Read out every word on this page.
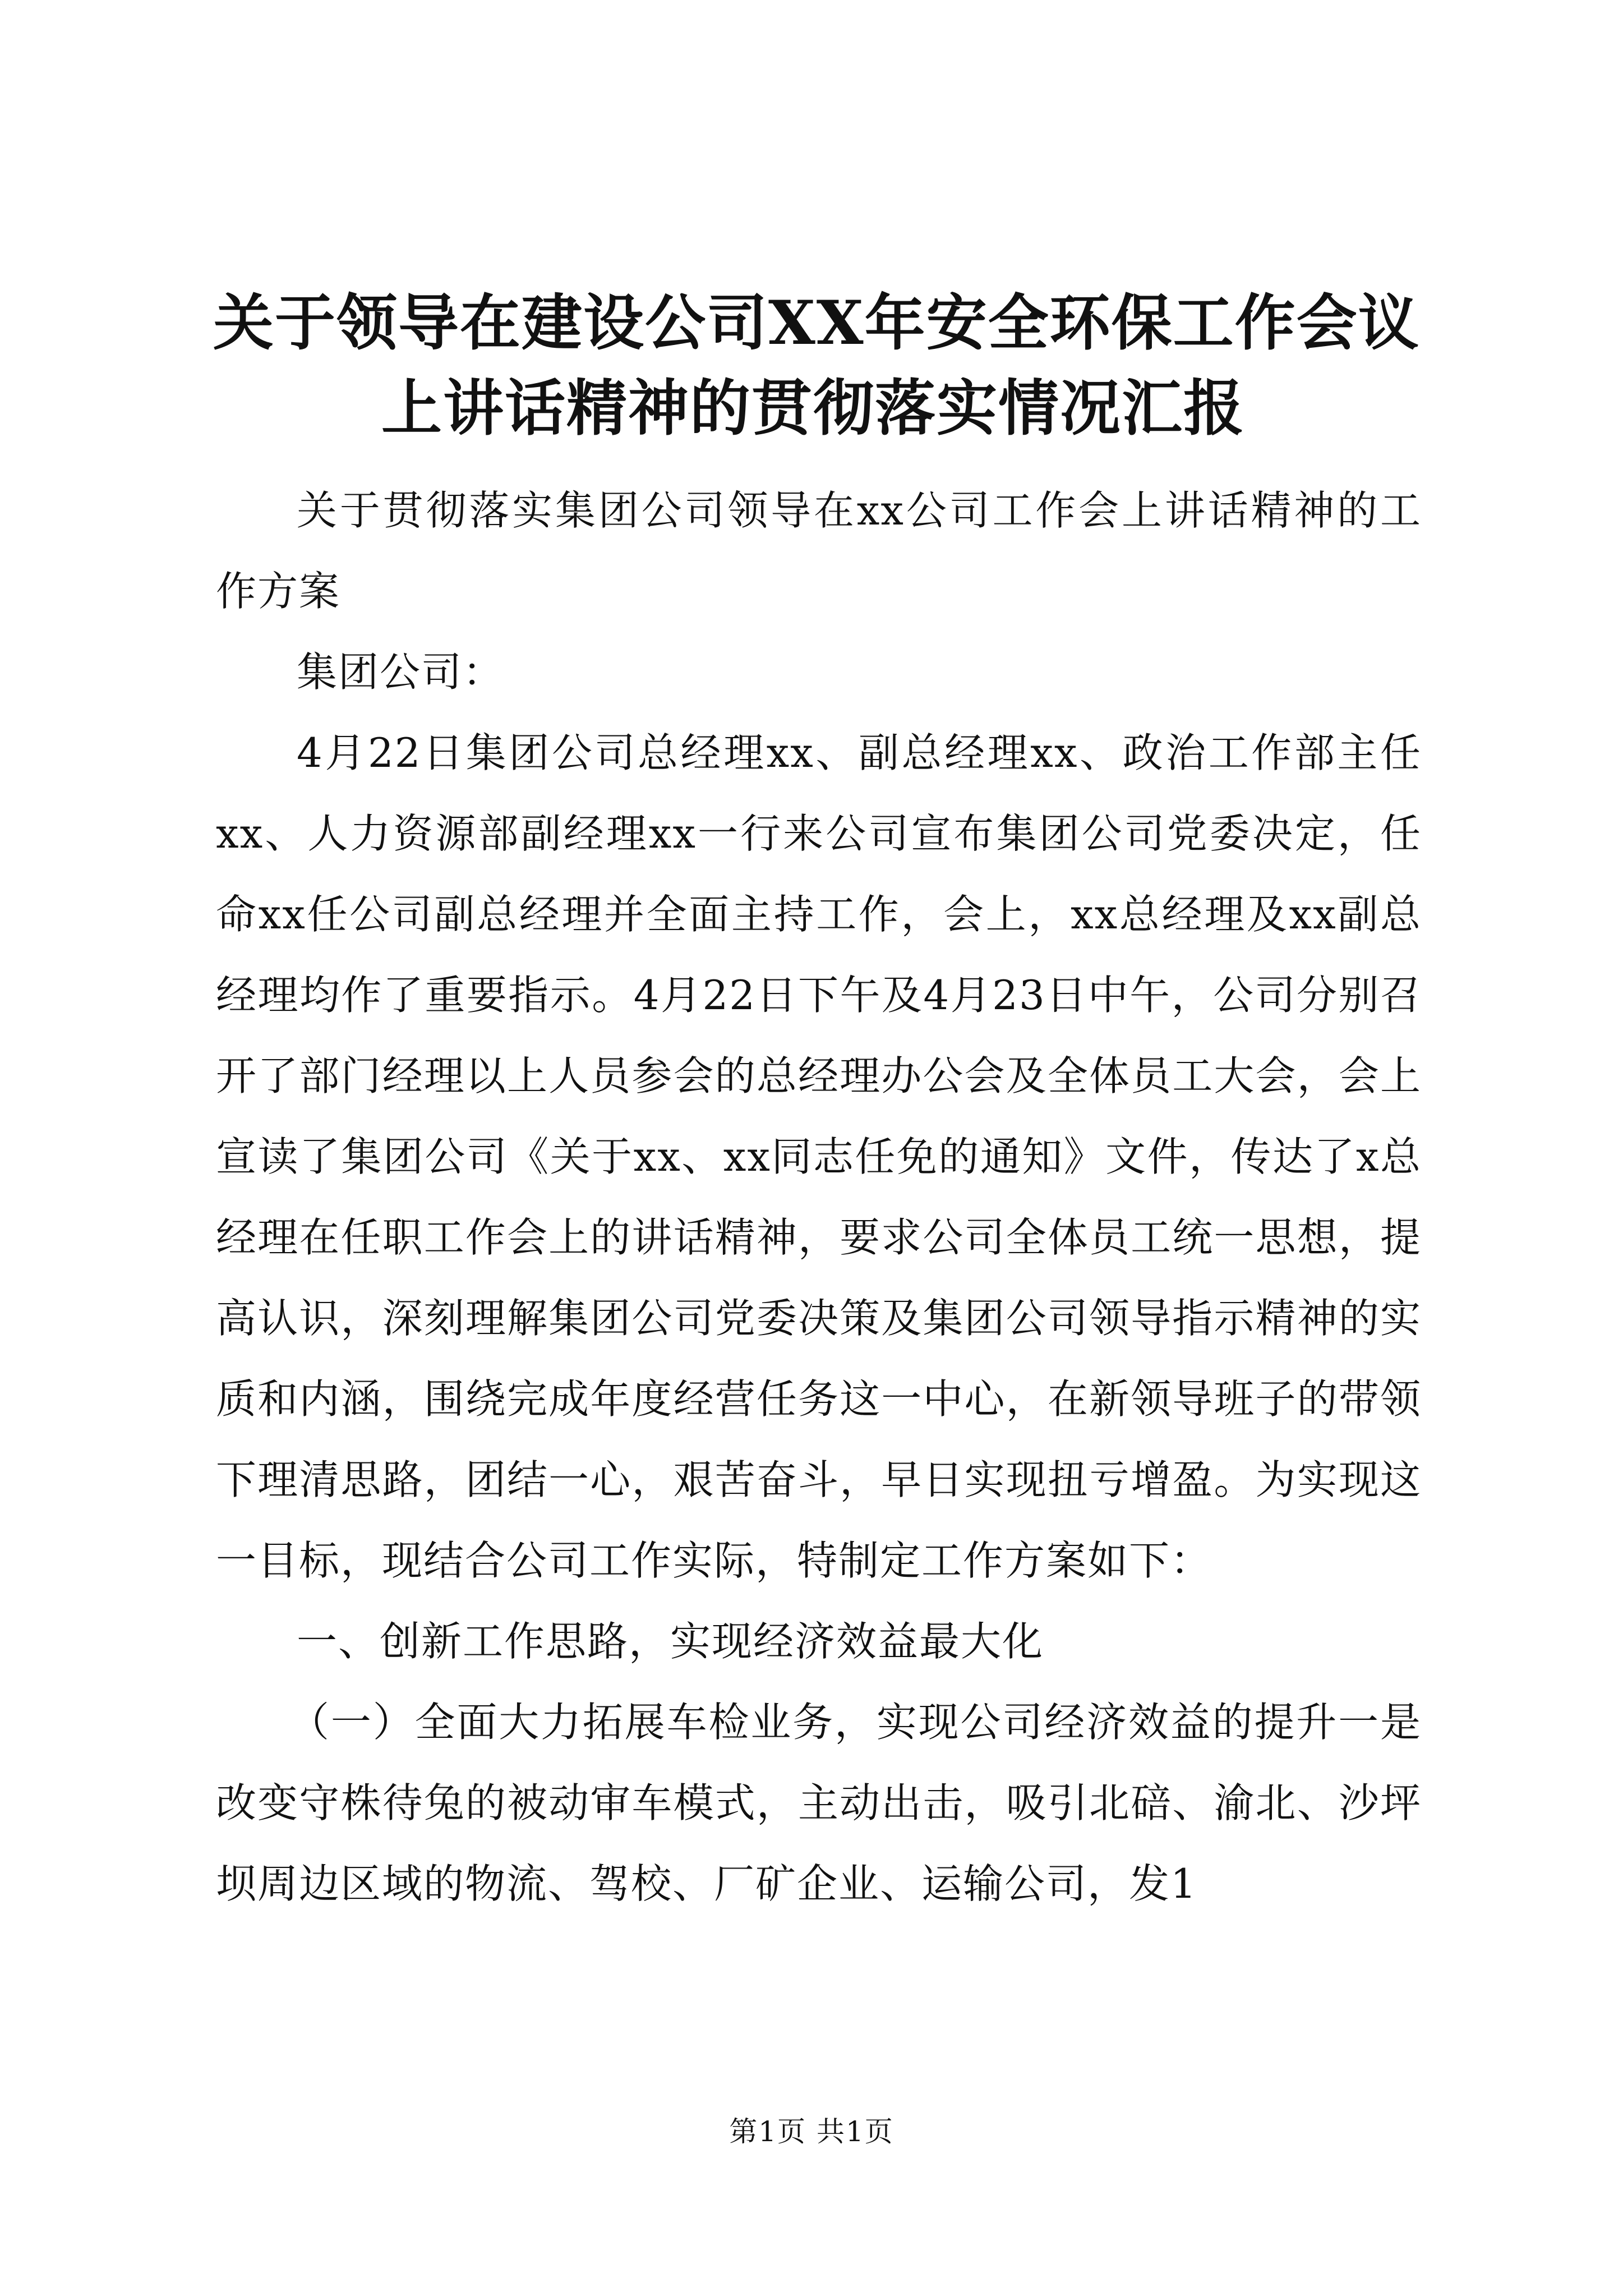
关于领导在建设公司XX年安全环保工作会议
上讲话精神的贯彻落实情况汇报

关于贯彻落实集团公司领导在xx公司工作会上讲话精神的工作方案

集团公司：

4月22日集团公司总经理xx、副总经理xx、政治工作部主任xx、人力资源部副经理xx一行来公司宣布集团公司党委决定，任命xx任公司副总经理并全面主持工作，会上，xx总经理及xx副总经理均作了重要指示。4月22日下午及4月23日中午，公司分别召开了部门经理以上人员参会的总经理办公会及全体员工大会，会上宣读了集团公司《关于xx、xx同志任免的通知》文件，传达了x总经理在任职工作会上的讲话精神，要求公司全体员工统一思想，提高认识，深刻理解集团公司党委决策及集团公司领导指示精神的实质和内涵，围绕完成年度经营任务这一中心，在新领导班子的带领下理清思路，团结一心，艰苦奋斗，早日实现扭亏增盈。为实现这一目标，现结合公司工作实际，特制定工作方案如下：

一、创新工作思路，实现经济效益最大化

（一）全面大力拓展车检业务，实现公司经济效益的提升一是改变守株待兔的被动审车模式，主动出击，吸引北碚、渝北、沙坪坝周边区域的物流、驾校、厂矿企业、运输公司，发1

第1页 共1页
